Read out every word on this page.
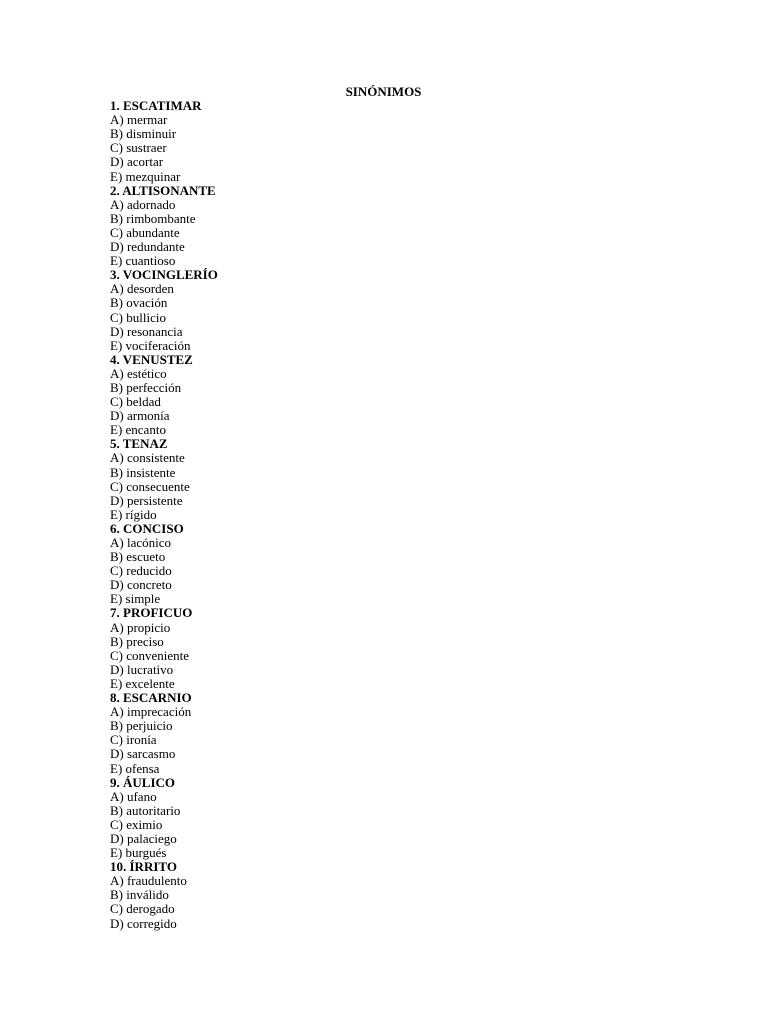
SINÓNIMOS
1. ESCATIMAR
A) mermar
B) disminuir
C) sustraer
D) acortar
E) mezquinar
2. ALTISONANTE
A) adornado
B) rimbombante
C) abundante
D) redundante
E) cuantioso
3. VOCINGLERÍO
A) desorden
B) ovación
C) bullicio
D) resonancia
E) vociferación
4. VENUSTEZ
A) estético
B) perfección
C) beldad
D) armonía
E) encanto
5. TENAZ
A) consistente
B) insistente
C) consecuente
D) persistente
E) rígido
6. CONCISO
A) lacónico
B) escueto
C) reducido
D) concreto
E) simple
7. PROFICUO
A) propicio
B) preciso
C) conveniente
D) lucrativo
E) excelente
8. ESCARNIO
A) imprecación
B) perjuicio
C) ironía
D) sarcasmo
E) ofensa
9. ÁULICO
A) ufano
B) autoritario
C) eximio
D) palaciego
E) burgués
10. ÍRRITO
A) fraudulento
B) inválido
C) derogado
D) corregido
